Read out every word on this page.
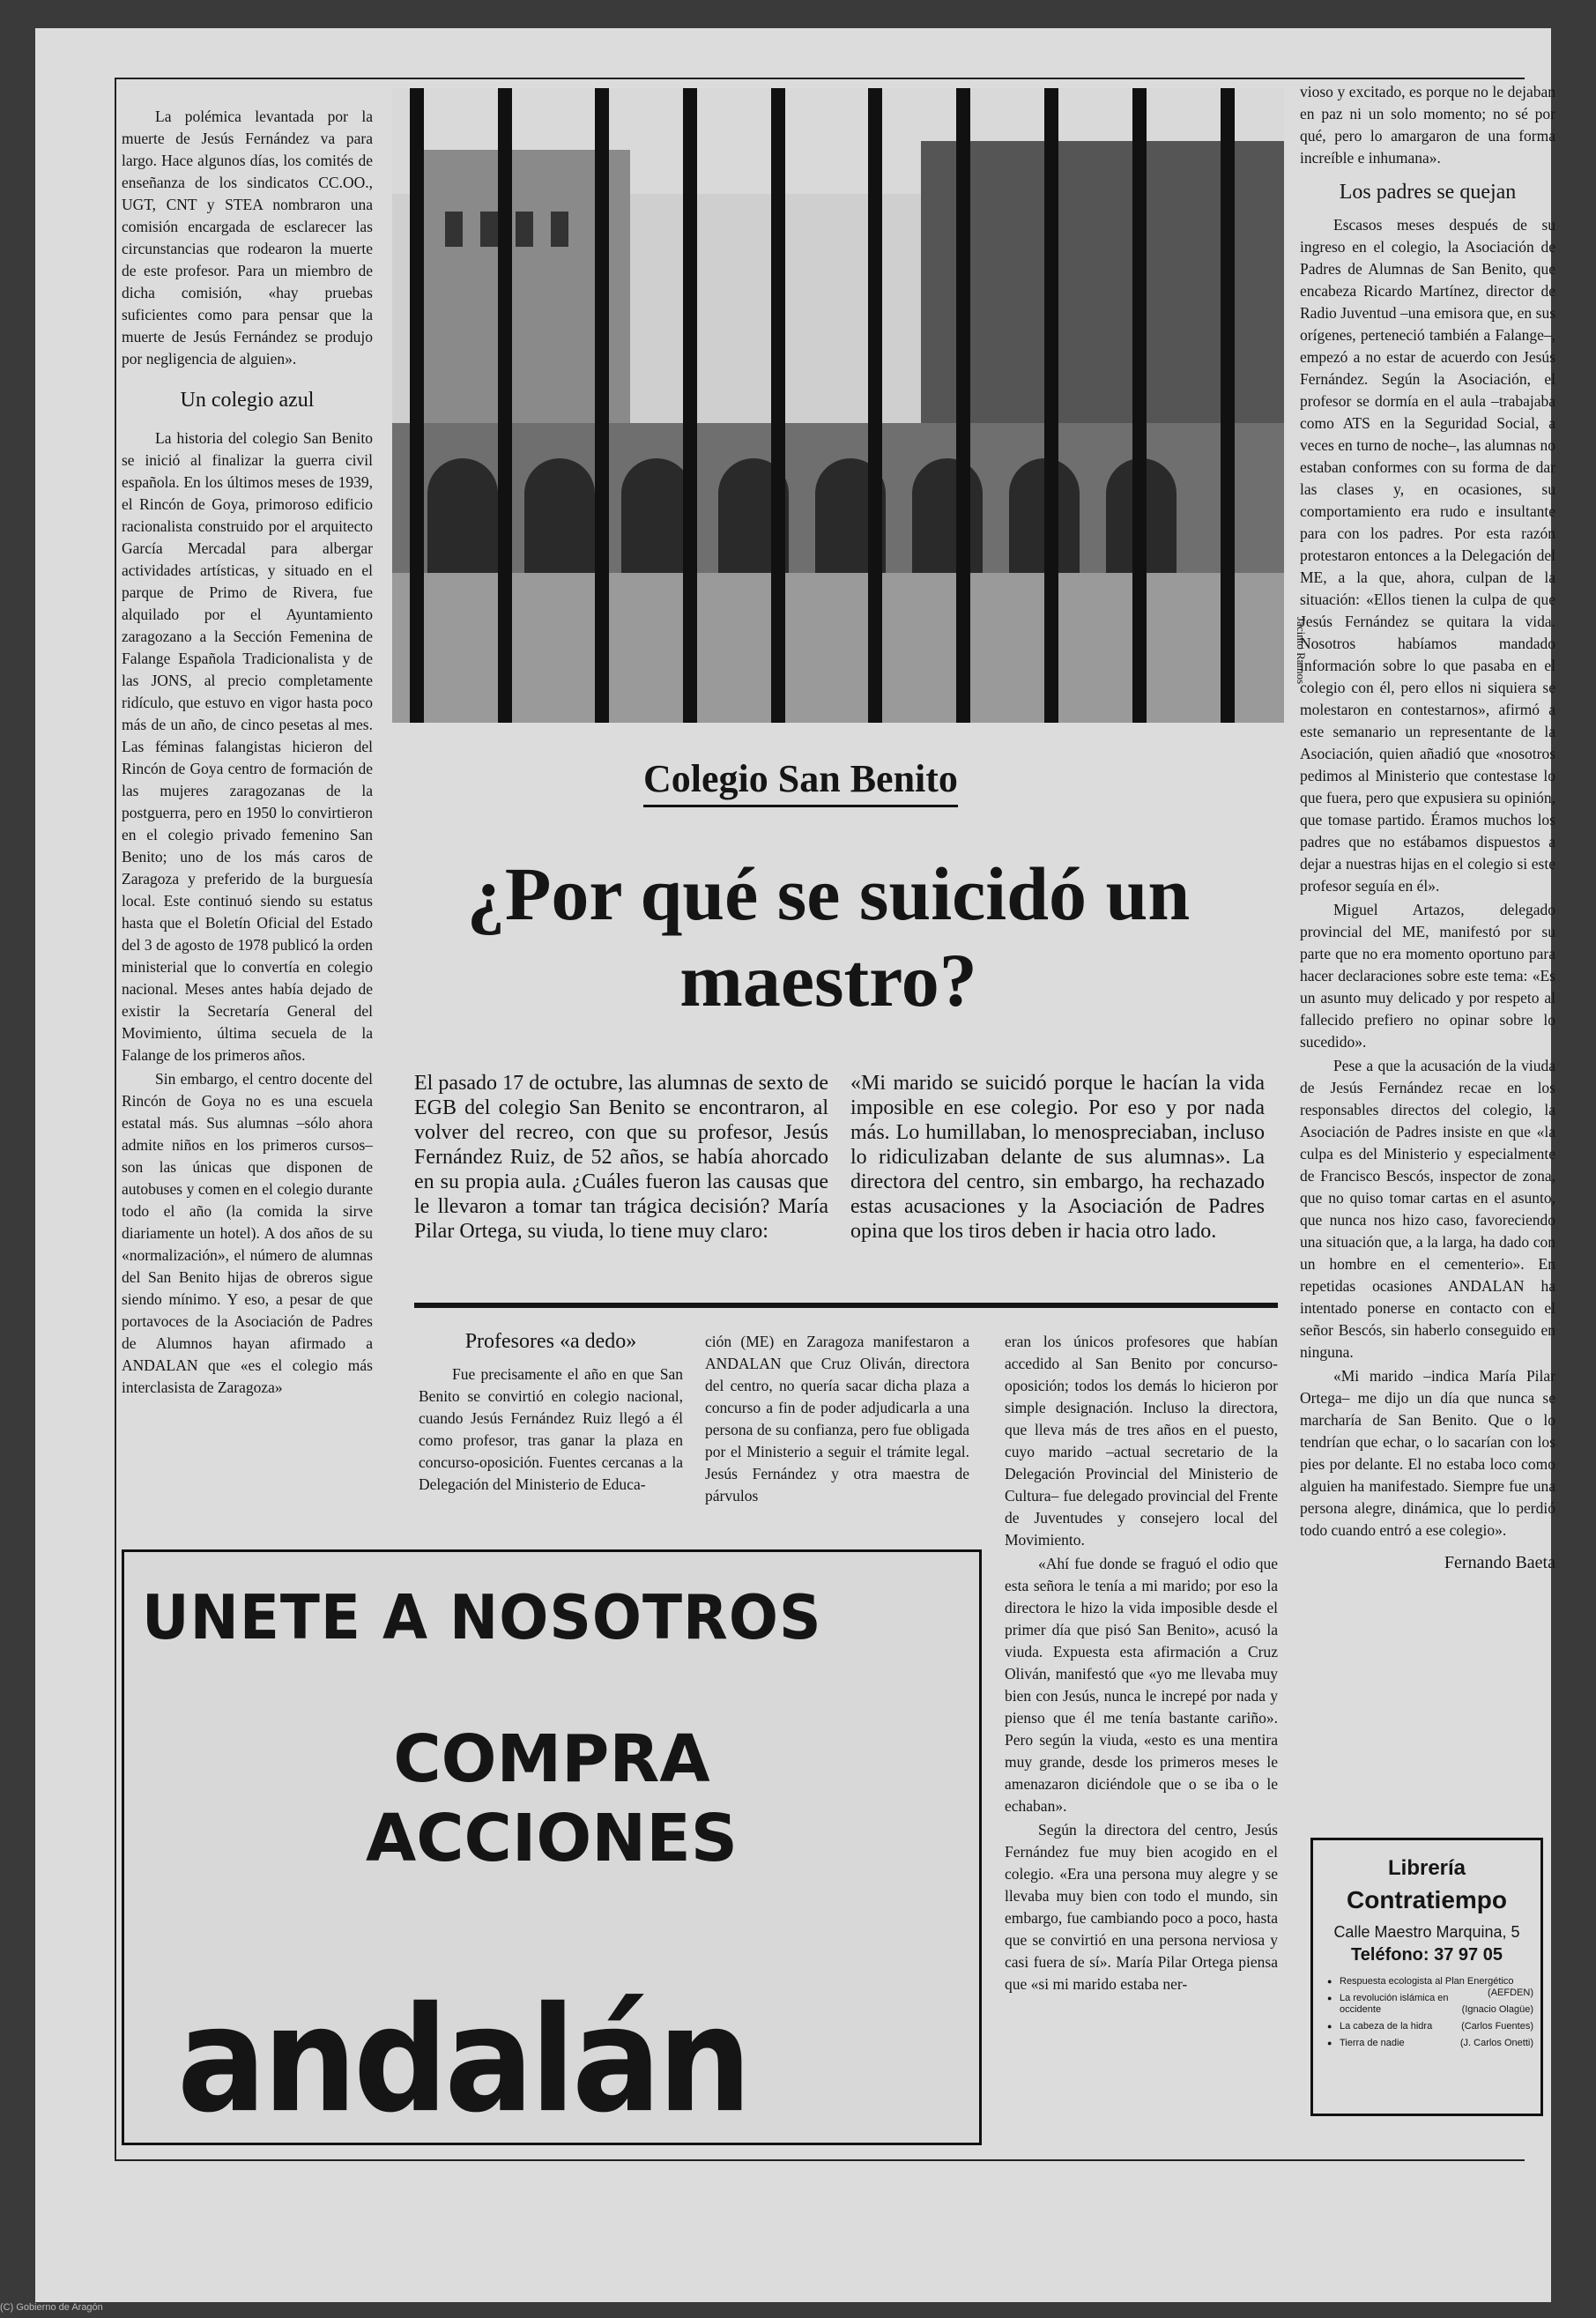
La polémica levantada por la muerte de Jesús Fernández va para largo. Hace algunos días, los comités de enseñanza de los sindicatos CC.OO., UGT, CNT y STEA nombraron una comisión encargada de esclarecer las circunstancias que rodearon la muerte de este profesor. Para un miembro de dicha comisión, «hay pruebas suficientes como para pensar que la muerte de Jesús Fernández se produjo por negligencia de alguien».

Un colegio azul

La historia del colegio San Benito se inició al finalizar la guerra civil española. En los últimos meses de 1939, el Rincón de Goya, primoroso edificio racionalista construido por el arquitecto García Mercadal para albergar actividades artísticas, y situado en el parque de Primo de Rivera, fue alquilado por el Ayuntamiento zaragozano a la Sección Femenina de Falange Española Tradicionalista y de las JONS, al precio completamente ridículo, que estuvo en vigor hasta poco más de un año, de cinco pesetas al mes. Las féminas falangistas hicieron del Rincón de Goya centro de formación de las mujeres zaragozanas de la postguerra, pero en 1950 lo convirtieron en el colegio privado femenino San Benito; uno de los más caros de Zaragoza y preferido de la burguesía local. Este continuó siendo su estatus hasta que el Boletín Oficial del Estado del 3 de agosto de 1978 publicó la orden ministerial que lo convertía en colegio nacional. Meses antes había dejado de existir la Secretaría General del Movimiento, última secuela de la Falange de los primeros años.

Sin embargo, el centro docente del Rincón de Goya no es una escuela estatal más. Sus alumnas –sólo ahora admite niños en los primeros cursos– son las únicas que disponen de autobuses y comen en el colegio durante todo el año (la comida la sirve diariamente un hotel). A dos años de su «normalización», el número de alumnas del San Benito hijas de obreros sigue siendo mínimo. Y eso, a pesar de que portavoces de la Asociación de Padres de Alumnos hayan afirmado a ANDALAN que «es el colegio más interclasista de Zaragoza»

Jacinto Ramos
Colegio San Benito
¿Por qué se suicidó un maestro?

El pasado 17 de octubre, las alumnas de sexto de EGB del colegio San Benito se encontraron, al volver del recreo, con que su profesor, Jesús Fernández Ruiz, de 52 años, se había ahorcado en su propia aula. ¿Cuáles fueron las causas que le llevaron a tomar tan trágica decisión? María Pilar Ortega, su viuda, lo tiene muy claro:

«Mi marido se suicidó porque le hacían la vida imposible en ese colegio. Por eso y por nada más. Lo humillaban, lo menospreciaban, incluso lo ridiculizaban delante de sus alumnas». La directora del centro, sin embargo, ha rechazado estas acusaciones y la Asociación de Padres opina que los tiros deben ir hacia otro lado.

Profesores «a dedo»

Fue precisamente el año en que San Benito se convirtió en colegio nacional, cuando Jesús Fernández Ruiz llegó a él como profesor, tras ganar la plaza en concurso-oposición. Fuentes cercanas a la Delegación del Ministerio de Educa-

ción (ME) en Zaragoza manifestaron a ANDALAN que Cruz Oliván, directora del centro, no quería sacar dicha plaza a concurso a fin de poder adjudicarla a una persona de su confianza, pero fue obligada por el Ministerio a seguir el trámite legal. Jesús Fernández y otra maestra de párvulos

eran los únicos profesores que habían accedido al San Benito por concurso-oposición; todos los demás lo hicieron por simple designación. Incluso la directora, que lleva más de tres años en el puesto, cuyo marido –actual secretario de la Delegación Provincial del Ministerio de Cultura– fue delegado provincial del Frente de Juventudes y consejero local del Movimiento.

«Ahí fue donde se fraguó el odio que esta señora le tenía a mi marido; por eso la directora le hizo la vida imposible desde el primer día que pisó San Benito», acusó la viuda. Expuesta esta afirmación a Cruz Oliván, manifestó que «yo me llevaba muy bien con Jesús, nunca le increpé por nada y pienso que él me tenía bastante cariño». Pero según la viuda, «esto es una mentira muy grande, desde los primeros meses le amenazaron diciéndole que o se iba o le echaban».

Según la directora del centro, Jesús Fernández fue muy bien acogido en el colegio. «Era una persona muy alegre y se llevaba muy bien con todo el mundo, sin embargo, fue cambiando poco a poco, hasta que se convirtió en una persona nerviosa y casi fuera de sí». María Pilar Ortega piensa que «si mi marido estaba ner-

vioso y excitado, es porque no le dejaban en paz ni un solo momento; no sé por qué, pero lo amargaron de una forma increíble e inhumana».

Los padres se quejan

Escasos meses después de su ingreso en el colegio, la Asociación de Padres de Alumnas de San Benito, que encabeza Ricardo Martínez, director de Radio Juventud –una emisora que, en sus orígenes, perteneció también a Falange–, empezó a no estar de acuerdo con Jesús Fernández. Según la Asociación, el profesor se dormía en el aula –trabajaba como ATS en la Seguridad Social, a veces en turno de noche–, las alumnas no estaban conformes con su forma de dar las clases y, en ocasiones, su comportamiento era rudo e insultante para con los padres. Por esta razón protestaron entonces a la Delegación del ME, a la que, ahora, culpan de la situación: «Ellos tienen la culpa de que Jesús Fernández se quitara la vida. Nosotros habíamos mandado información sobre lo que pasaba en el colegio con él, pero ellos ni siquiera se molestaron en contestarnos», afirmó a este semanario un representante de la Asociación, quien añadió que «nosotros pedimos al Ministerio que contestase lo que fuera, pero que expusiera su opinión, que tomase partido. Éramos muchos los padres que no estábamos dispuestos a dejar a nuestras hijas en el colegio si este profesor seguía en él».

Miguel Artazos, delegado provincial del ME, manifestó por su parte que no era momento oportuno para hacer declaraciones sobre este tema: «Es un asunto muy delicado y por respeto al fallecido prefiero no opinar sobre lo sucedido».

Pese a que la acusación de la viuda de Jesús Fernández recae en los responsables directos del colegio, la Asociación de Padres insiste en que «la culpa es del Ministerio y especialmente de Francisco Bescós, inspector de zona, que no quiso tomar cartas en el asunto, que nunca nos hizo caso, favoreciendo una situación que, a la larga, ha dado con un hombre en el cementerio». En repetidas ocasiones ANDALAN ha intentado ponerse en contacto con el señor Bescós, sin haberlo conseguido en ninguna.

«Mi marido –indica María Pilar Ortega– me dijo un día que nunca se marcharía de San Benito. Que o lo tendrían que echar, o lo sacarían con los pies por delante. El no estaba loco como alguien ha manifestado. Siempre fue una persona alegre, dinámica, que lo perdió todo cuando entró a ese colegio».

Fernando Baeta
UNETE A NOSOTROS
COMPRA
ACCIONES
andalán
Librería
Contratiempo
Calle Maestro Marquina, 5
Teléfono: 37 97 05
● Respuesta ecologista al Plan Energético
(AEFDEN)
● La revolución islámica en occidente	(Ignacio Olagüe)
● La cabeza de la hidra	(Carlos Fuentes)
● Tierra de nadie	(J. Carlos Onetti)
(C) Gobierno de Aragón
